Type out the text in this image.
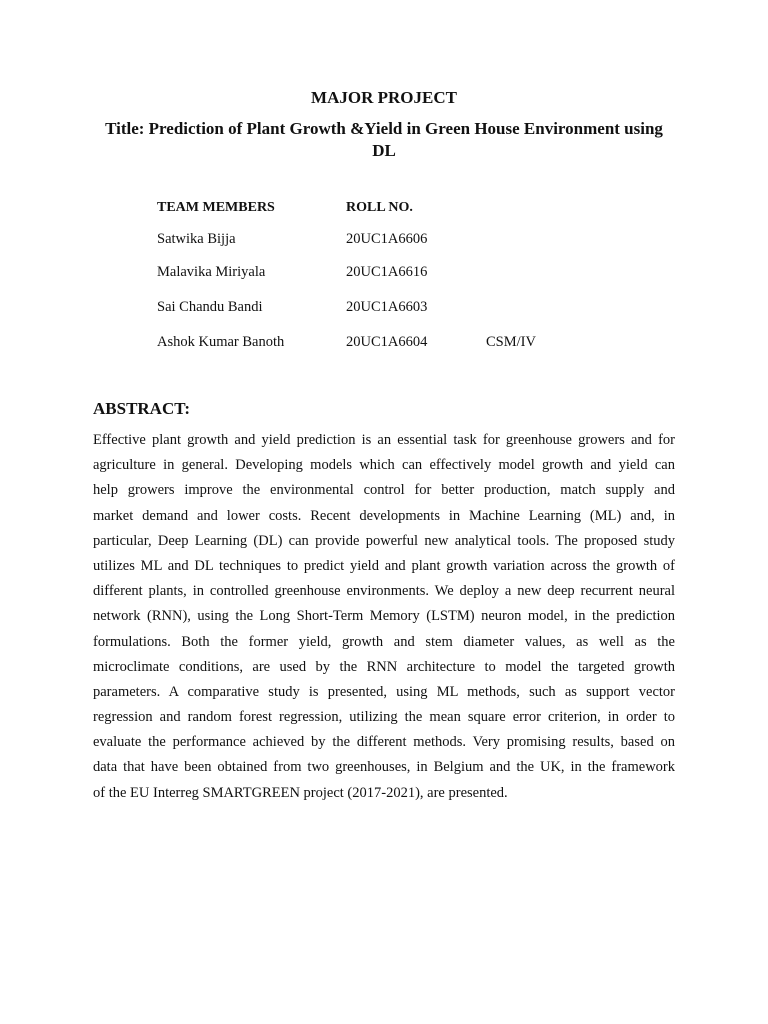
MAJOR PROJECT
Title: Prediction of Plant Growth &Yield in Green House Environment using DL
TEAM MEMBERS	ROLL NO.
Satwika Bijja	20UC1A6606
Malavika Miriyala	20UC1A6616
Sai Chandu Bandi	20UC1A6603
Ashok Kumar Banoth	20UC1A6604	CSM/IV
ABSTRACT:
Effective plant growth and yield prediction is an essential task for greenhouse growers and for
agriculture in general. Developing models which can effectively model growth and yield can
help growers improve the environmental control for better production, match supply and
market demand and lower costs. Recent developments in Machine Learning (ML) and, in
particular, Deep Learning (DL) can provide powerful new analytical tools. The proposed study
utilizes ML and DL techniques to predict yield and plant growth variation across the growth of
different plants, in controlled greenhouse environments. We deploy a new deep recurrent neural
network (RNN), using the Long Short-Term Memory (LSTM) neuron model, in the prediction
formulations. Both the former yield, growth and stem diameter values, as well as the
microclimate conditions, are used by the RNN architecture to model the targeted growth
parameters. A comparative study is presented, using ML methods, such as support vector
regression and random forest regression, utilizing the mean square error criterion, in order to
evaluate the performance achieved by the different methods. Very promising results, based on
data that have been obtained from two greenhouses, in Belgium and the UK, in the framework
of the EU Interreg SMARTGREEN project (2017-2021), are presented.
